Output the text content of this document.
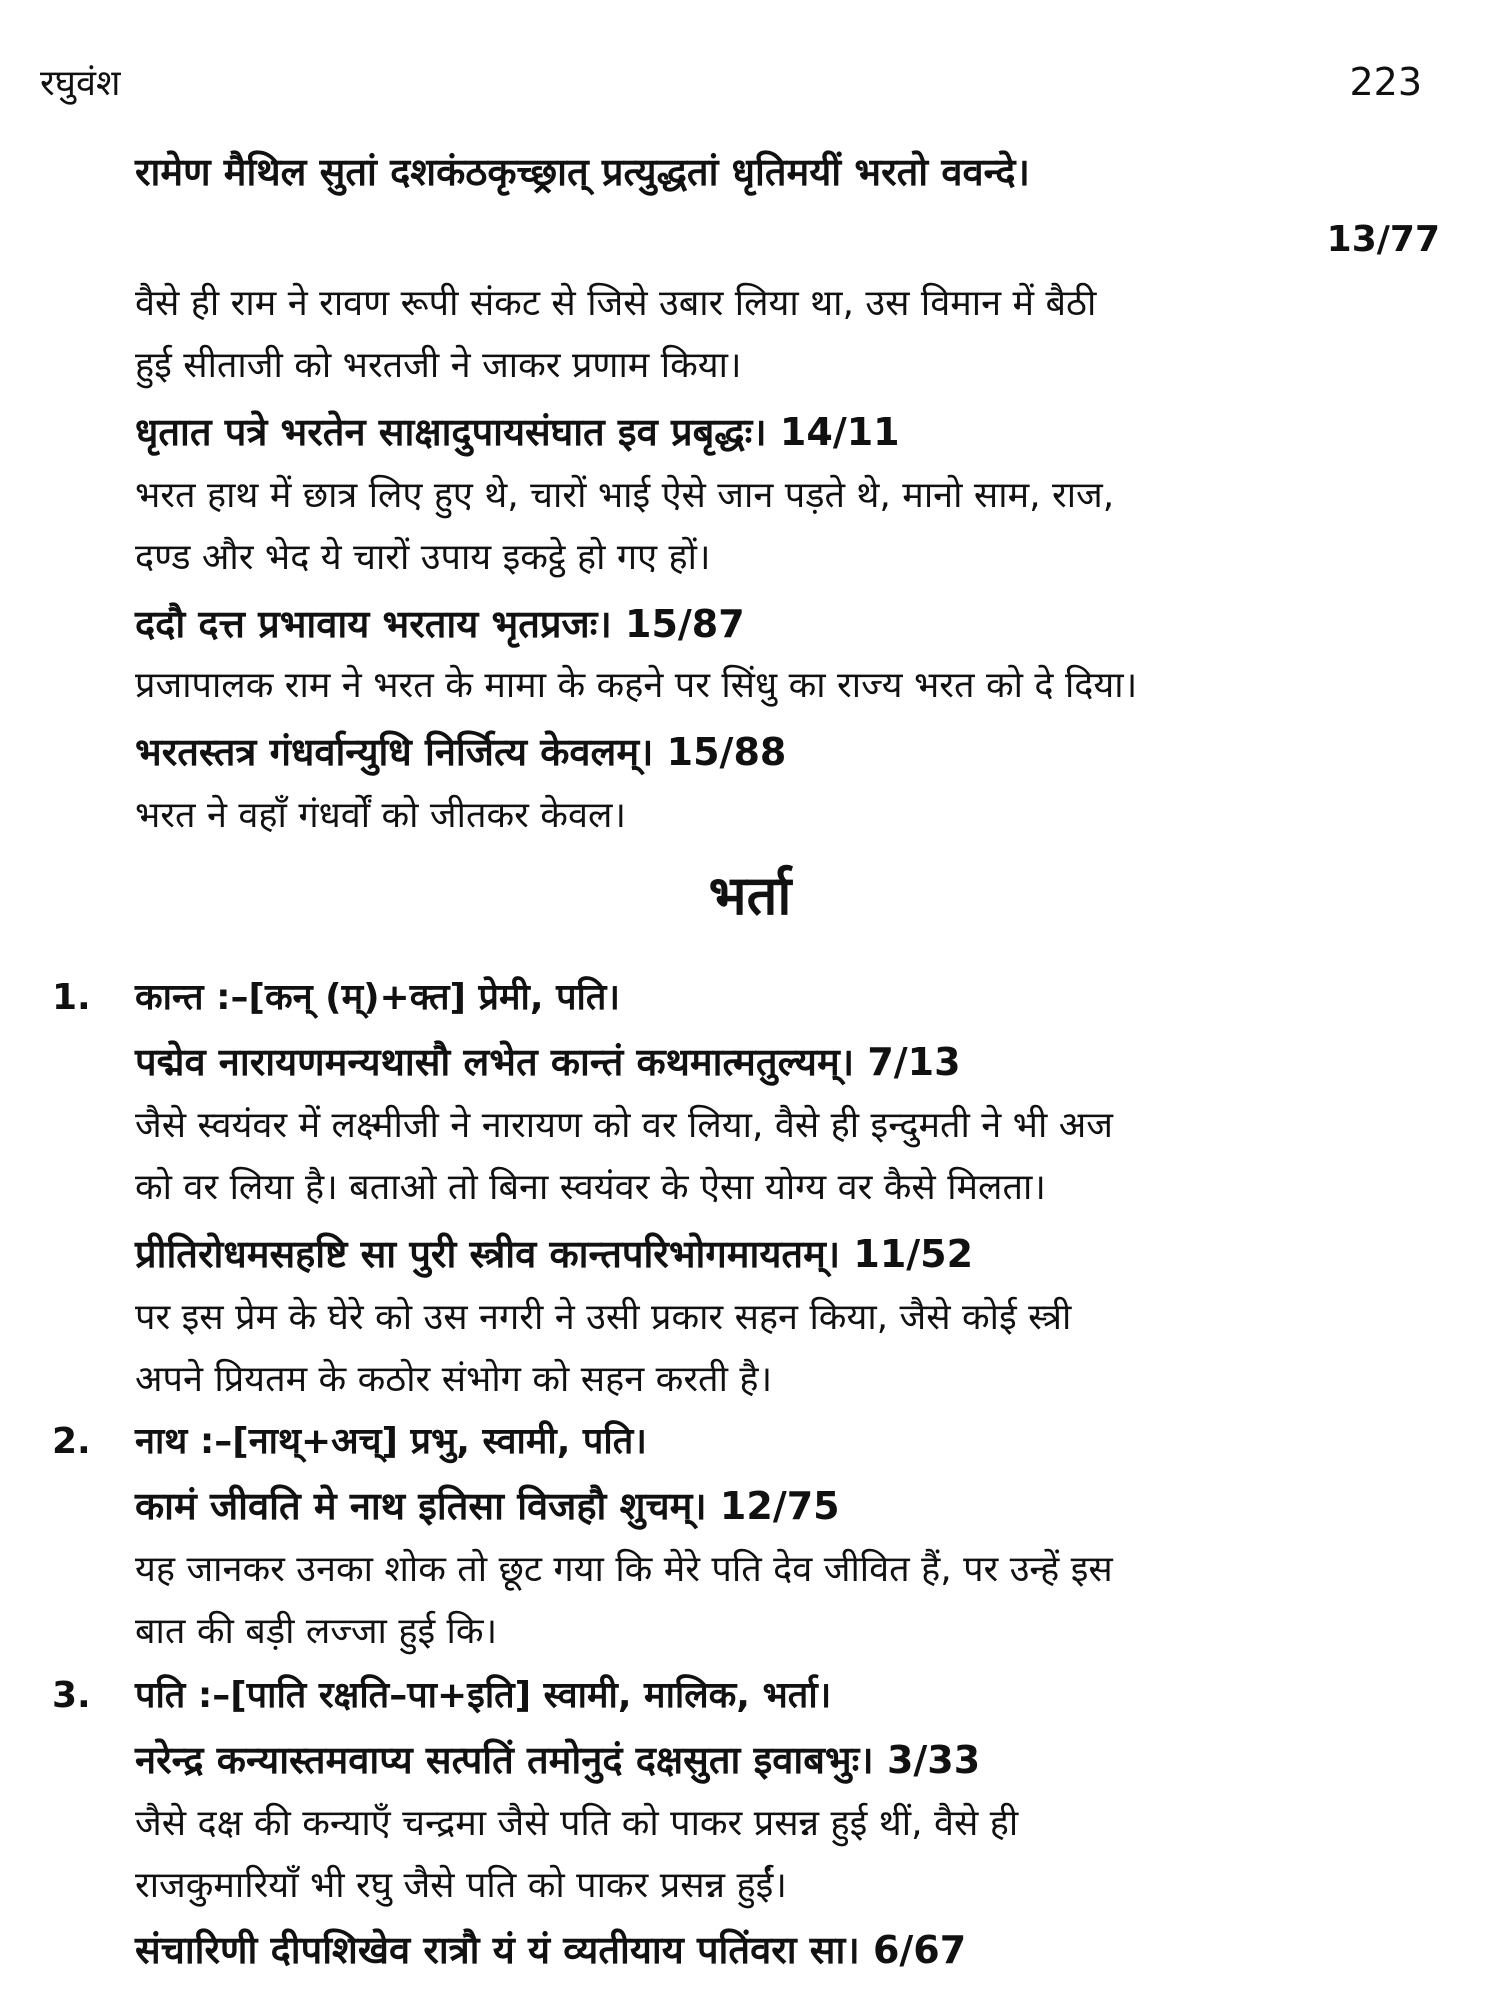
रघुवंश	223
रामेण मैथिल सुतां दशकंठकृच्छ्रात् प्रत्युद्धतां धृतिमयीं भरतो ववन्दे।
13/77
वैसे ही राम ने रावण रूपी संकट से जिसे उबार लिया था, उस विमान में बैठी
हुई सीताजी को भरतजी ने जाकर प्रणाम किया।
धृतात पत्रे भरतेन साक्षादुपायसंघात इव प्रबृद्धः। 14/11
भरत हाथ में छात्र लिए हुए थे, चारों भाई ऐसे जान पड़ते थे, मानो साम, राज,
दण्ड और भेद ये चारों उपाय इकट्ठे हो गए हों।
ददौ दत्त प्रभावाय भरताय भृतप्रजः। 15/87
प्रजापालक राम ने भरत के मामा के कहने पर सिंधु का राज्य भरत को दे दिया।
भरतस्तत्र गंधर्वान्युधि निर्जित्य केवलम्। 15/88
भरत ने वहाँ गंधर्वों को जीतकर केवल।
भर्ता
1. कान्त :–[कन् (म्)+क्त] प्रेमी, पति।
पद्मेव नारायणमन्यथासौ लभेत कान्तं कथमात्मतुल्यम्। 7/13
जैसे स्वयंवर में लक्ष्मीजी ने नारायण को वर लिया, वैसे ही इन्दुमती ने भी अज
को वर लिया है। बताओ तो बिना स्वयंवर के ऐसा योग्य वर कैसे मिलता।
प्रीतिरोधमसहष्टि सा पुरी स्त्रीव कान्तपरिभोगमायतम्। 11/52
पर इस प्रेम के घेरे को उस नगरी ने उसी प्रकार सहन किया, जैसे कोई स्त्री
अपने प्रियतम के कठोर संभोग को सहन करती है।
2. नाथ :–[नाथ्+अच्] प्रभु, स्वामी, पति।
कामं जीवति मे नाथ इतिसा विजहौ शुचम्। 12/75
यह जानकर उनका शोक तो छूट गया कि मेरे पति देव जीवित हैं, पर उन्हें इस
बात की बड़ी लज्जा हुई कि।
3. पति :–[पाति रक्षति–पा+इति] स्वामी, मालिक, भर्ता।
नरेन्द्र कन्यास्तमवाप्य सत्पतिं तमोनुदं दक्षसुता इवाबभुः। 3/33
जैसे दक्ष की कन्याएँ चन्द्रमा जैसे पति को पाकर प्रसन्न हुई थीं, वैसे ही
राजकुमारियाँ भी रघु जैसे पति को पाकर प्रसन्न हुईं।
संचारिणी दीपशिखेव रात्रौ यं यं व्यतीयाय पतिंवरा सा। 6/67
